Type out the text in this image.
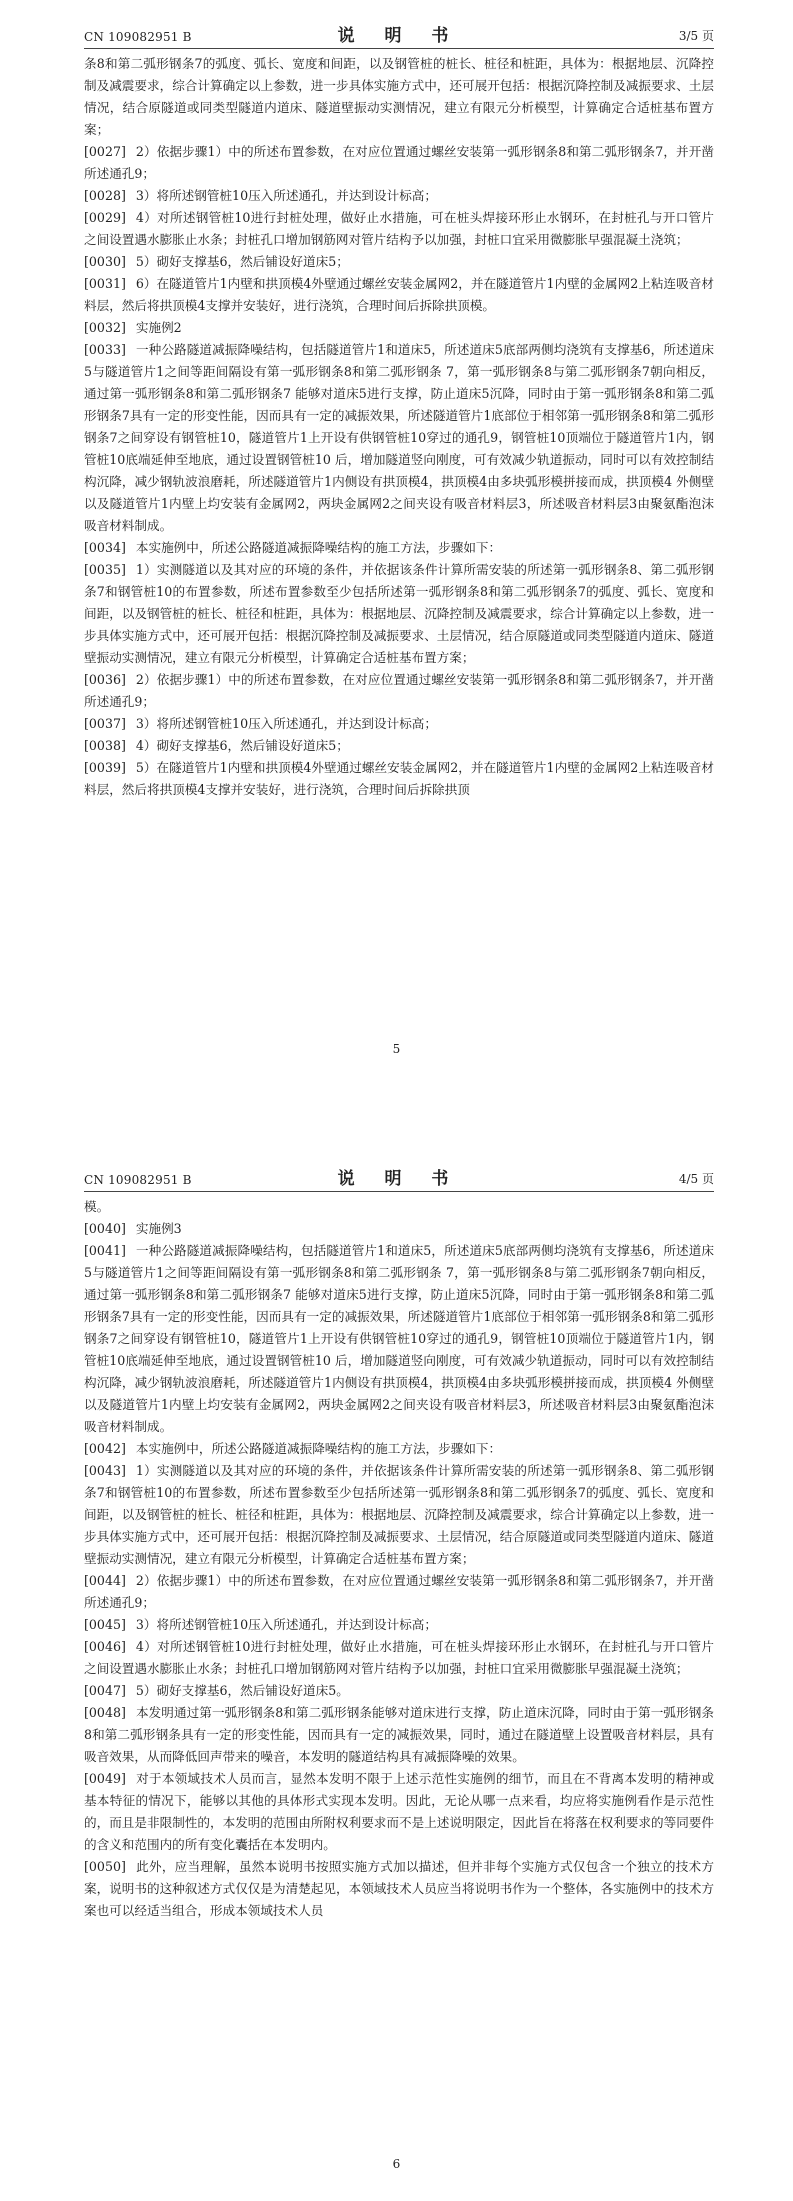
CN 109082951 B	说 明 书	3/5 页

条8和第二弧形钢条7的弧度、弧长、宽度和间距，以及钢管桩的桩长、桩径和桩距，具体为：根据地层、沉降控制及减震要求，综合计算确定以上参数，进一步具体实施方式中，还可展开包括：根据沉降控制及减振要求、土层情况，结合原隧道或同类型隧道内道床、隧道壁振动实测情况，建立有限元分析模型，计算确定合适桩基布置方案；

[0027] 2）依据步骤1）中的所述布置参数，在对应位置通过螺丝安装第一弧形钢条8和第二弧形钢条7，并开凿所述通孔9；

[0028] 3）将所述钢管桩10压入所述通孔，并达到设计标高；

[0029] 4）对所述钢管桩10进行封桩处理，做好止水措施，可在桩头焊接环形止水钢环，在封桩孔与开口管片之间设置遇水膨胀止水条；封桩孔口增加钢筋网对管片结构予以加强，封桩口宜采用微膨胀早强混凝土浇筑；

[0030] 5）砌好支撑基6，然后铺设好道床5；

[0031] 6）在隧道管片1内壁和拱顶模4外壁通过螺丝安装金属网2，并在隧道管片1内壁的金属网2上粘连吸音材料层，然后将拱顶模4支撑并安装好，进行浇筑，合理时间后拆除拱顶模。

[0032] 实施例2

[0033] 一种公路隧道减振降噪结构，包括隧道管片1和道床5，所述道床5底部两侧均浇筑有支撑基6，所述道床5与隧道管片1之间等距间隔设有第一弧形钢条8和第二弧形钢条 7，第一弧形钢条8与第二弧形钢条7朝向相反，通过第一弧形钢条8和第二弧形钢条7 能够对道床5进行支撑，防止道床5沉降，同时由于第一弧形钢条8和第二弧形钢条7具有一定的形变性能，因而具有一定的减振效果，所述隧道管片1底部位于相邻第一弧形钢条8和第二弧形钢条7之间穿设有钢管桩10，隧道管片1上开设有供钢管桩10穿过的通孔9，钢管桩10顶端位于隧道管片1内，钢管桩10底端延伸至地底，通过设置钢管桩10 后，增加隧道竖向刚度，可有效减少轨道振动，同时可以有效控制结构沉降，减少钢轨波浪磨耗，所述隧道管片1内侧设有拱顶模4，拱顶模4由多块弧形模拼接而成，拱顶模4 外侧壁以及隧道管片1内壁上均安装有金属网2，两块金属网2之间夹设有吸音材料层3，所述吸音材料层3由聚氨酯泡沫吸音材料制成。

[0034] 本实施例中，所述公路隧道减振降噪结构的施工方法，步骤如下：

[0035] 1）实测隧道以及其对应的环境的条件，并依据该条件计算所需安装的所述第一弧形钢条8、第二弧形钢条7和钢管桩10的布置参数，所述布置参数至少包括所述第一弧形钢条8和第二弧形钢条7的弧度、弧长、宽度和间距，以及钢管桩的桩长、桩径和桩距，具体为：根据地层、沉降控制及减震要求，综合计算确定以上参数，进一步具体实施方式中，还可展开包括：根据沉降控制及减振要求、土层情况，结合原隧道或同类型隧道内道床、隧道壁振动实测情况，建立有限元分析模型，计算确定合适桩基布置方案；

[0036] 2）依据步骤1）中的所述布置参数，在对应位置通过螺丝安装第一弧形钢条8和第二弧形钢条7，并开凿所述通孔9；

[0037] 3）将所述钢管桩10压入所述通孔，并达到设计标高；

[0038] 4）砌好支撑基6，然后铺设好道床5；

[0039] 5）在隧道管片1内壁和拱顶模4外壁通过螺丝安装金属网2，并在隧道管片1内壁的金属网2上粘连吸音材料层，然后将拱顶模4支撑并安装好，进行浇筑，合理时间后拆除拱顶

5
CN 109082951 B	说 明 书	4/5 页

模。

[0040] 实施例3

[0041] 一种公路隧道减振降噪结构，包括隧道管片1和道床5，所述道床5底部两侧均浇筑有支撑基6，所述道床5与隧道管片1之间等距间隔设有第一弧形钢条8和第二弧形钢条 7，第一弧形钢条8与第二弧形钢条7朝向相反，通过第一弧形钢条8和第二弧形钢条7 能够对道床5进行支撑，防止道床5沉降，同时由于第一弧形钢条8和第二弧形钢条7具有一定的形变性能，因而具有一定的减振效果，所述隧道管片1底部位于相邻第一弧形钢条8和第二弧形钢条7之间穿设有钢管桩10，隧道管片1上开设有供钢管桩10穿过的通孔9，钢管桩10顶端位于隧道管片1内，钢管桩10底端延伸至地底，通过设置钢管桩10 后，增加隧道竖向刚度，可有效减少轨道振动，同时可以有效控制结构沉降，减少钢轨波浪磨耗，所述隧道管片1内侧设有拱顶模4，拱顶模4由多块弧形模拼接而成，拱顶模4 外侧壁以及隧道管片1内壁上均安装有金属网2，两块金属网2之间夹设有吸音材料层3，所述吸音材料层3由聚氨酯泡沫吸音材料制成。

[0042] 本实施例中，所述公路隧道减振降噪结构的施工方法，步骤如下：

[0043] 1）实测隧道以及其对应的环境的条件，并依据该条件计算所需安装的所述第一弧形钢条8、第二弧形钢条7和钢管桩10的布置参数，所述布置参数至少包括所述第一弧形钢条8和第二弧形钢条7的弧度、弧长、宽度和间距，以及钢管桩的桩长、桩径和桩距，具体为：根据地层、沉降控制及减震要求，综合计算确定以上参数，进一步具体实施方式中，还可展开包括：根据沉降控制及减振要求、土层情况，结合原隧道或同类型隧道内道床、隧道壁振动实测情况，建立有限元分析模型，计算确定合适桩基布置方案；

[0044] 2）依据步骤1）中的所述布置参数，在对应位置通过螺丝安装第一弧形钢条8和第二弧形钢条7，并开凿所述通孔9；

[0045] 3）将所述钢管桩10压入所述通孔，并达到设计标高；

[0046] 4）对所述钢管桩10进行封桩处理，做好止水措施，可在桩头焊接环形止水钢环，在封桩孔与开口管片之间设置遇水膨胀止水条；封桩孔口增加钢筋网对管片结构予以加强，封桩口宜采用微膨胀早强混凝土浇筑；

[0047] 5）砌好支撑基6，然后铺设好道床5。

[0048] 本发明通过第一弧形钢条8和第二弧形钢条能够对道床进行支撑，防止道床沉降，同时由于第一弧形钢条8和第二弧形钢条具有一定的形变性能，因而具有一定的减振效果，同时，通过在隧道壁上设置吸音材料层，具有吸音效果，从而降低回声带来的噪音，本发明的隧道结构具有减振降噪的效果。

[0049] 对于本领域技术人员而言，显然本发明不限于上述示范性实施例的细节，而且在不背离本发明的精神或基本特征的情况下，能够以其他的具体形式实现本发明。因此，无论从哪一点来看，均应将实施例看作是示范性的，而且是非限制性的，本发明的范围由所附权利要求而不是上述说明限定，因此旨在将落在权利要求的等同要件的含义和范围内的所有变化囊括在本发明内。

[0050] 此外，应当理解，虽然本说明书按照实施方式加以描述，但并非每个实施方式仅包含一个独立的技术方案，说明书的这种叙述方式仅仅是为清楚起见，本领域技术人员应当将说明书作为一个整体，各实施例中的技术方案也可以经适当组合，形成本领域技术人员

6
